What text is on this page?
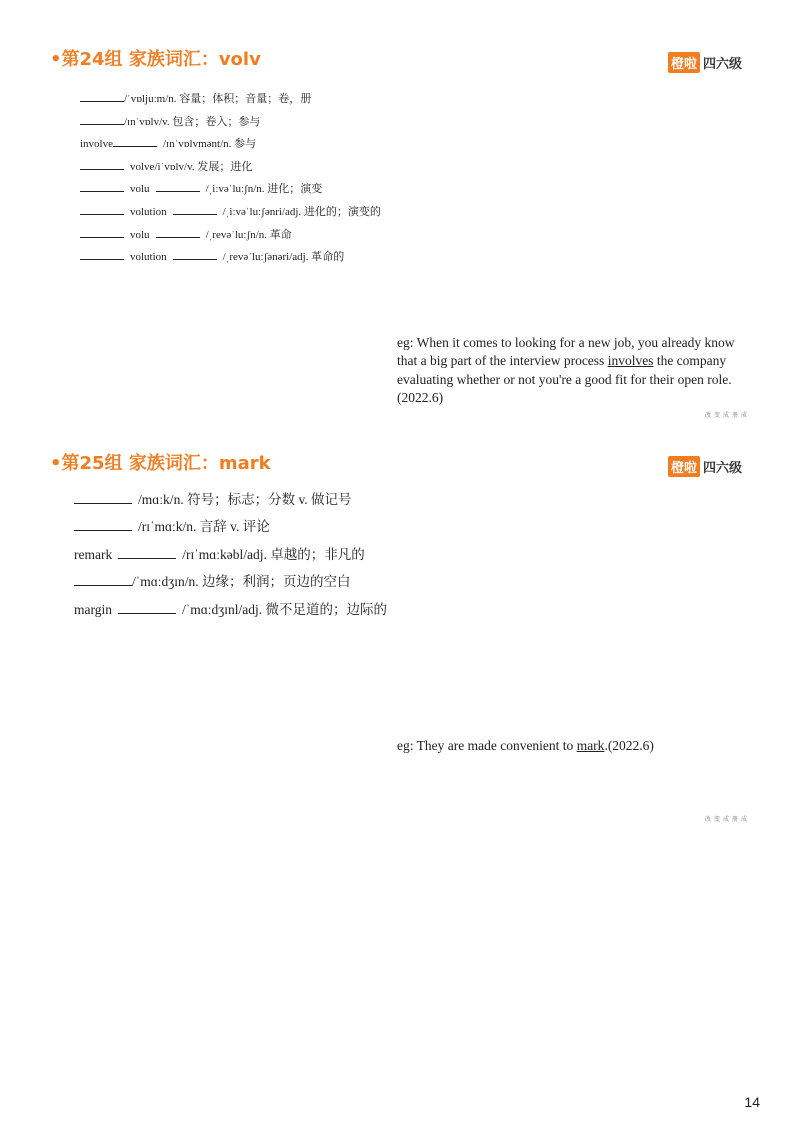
•第24组 家族词汇：volv	橙啦 四六级
/ˈvɒljuːm/n. 容量；体积；音量；卷，册
/ɪnˈvɒlv/v. 包含；卷入；参与
involve	/ɪnˈvɒlvmənt/n. 参与
volve/iˈvɒlv/v. 发展；进化
volu	/ˌiːvəˈluːʃn/n. 进化；演变
volution	/ˌiːvəˈluːʃənri/adj. 进化的；演变的
volu	/ˌrevəˈluːʃn/n. 革命
volution	/ˌrevəˈluːʃənəri/adj. 革命的
eg: When it comes to looking for a new job, you already know that a big part of the interview process involves the company evaluating whether or not you're a good fit for their open role.(2022.6)
改变成册成
•第25组 家族词汇：mark	橙啦 四六级
/mɑːk/n. 符号；标志；分数 v. 做记号
/rɪˈmɑːk/n. 言辞 v. 评论
remark	/rɪˈmɑːkəbl/adj. 卓越的；非凡的
/ˈmɑːdʒɪn/n. 边缘；利润；页边的空白
margin	/ˈmɑːdʒɪnl/adj. 微不足道的；边际的
eg: They are made convenient to mark.(2022.6)
改变成册成
14
